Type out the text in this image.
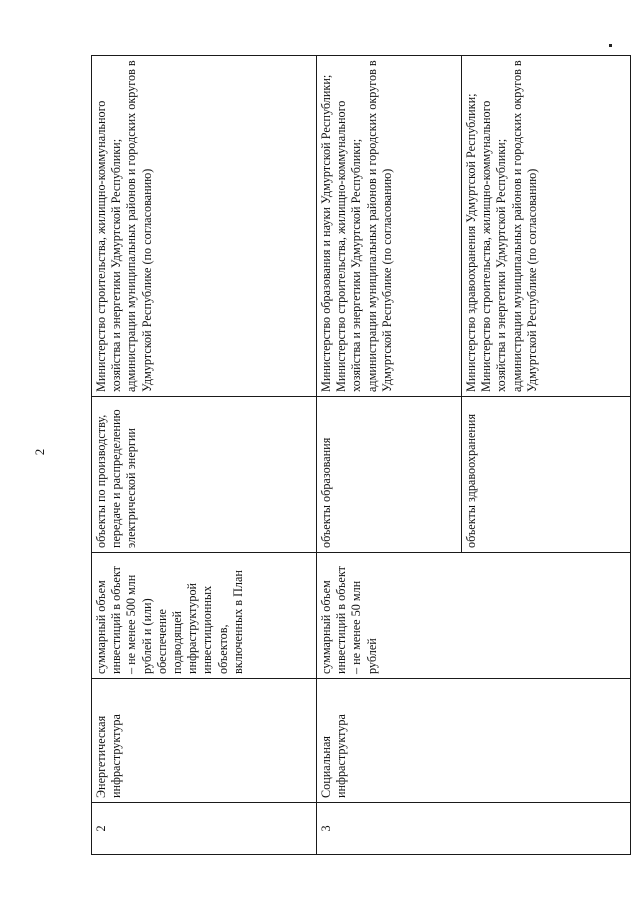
2
2	Энергетическая инфраструктура	суммарный объем инвестиций в объект – не менее 500 млн рублей и (или) обеспечение подводящей инфраструктурой инвестиционных объектов, включенных в План	объекты по производству, передаче и распределению электрической энергии	Министерство строительства, жилищно-коммунального хозяйства и энергетики Удмуртской Республики; администрации муниципальных районов и городских округов в Удмуртской Республике (по согласованию)

3	Социальная инфраструктура	суммарный объем инвестиций в объект – не менее 50 млн рублей	объекты образования	Министерство образования и науки Удмуртской Республики; Министерство строительства, жилищно-коммунального хозяйства и энергетики Удмуртской Республики; администрации муниципальных районов и городских округов в Удмуртской Республике (по согласованию)

			объекты здравоохранения	Министерство здравоохранения Удмуртской Республики; Министерство строительства, жилищно-коммунального хозяйства и энергетики Удмуртской Республики; администрации муниципальных районов и городских округов в Удмуртской Республике (по согласованию)
